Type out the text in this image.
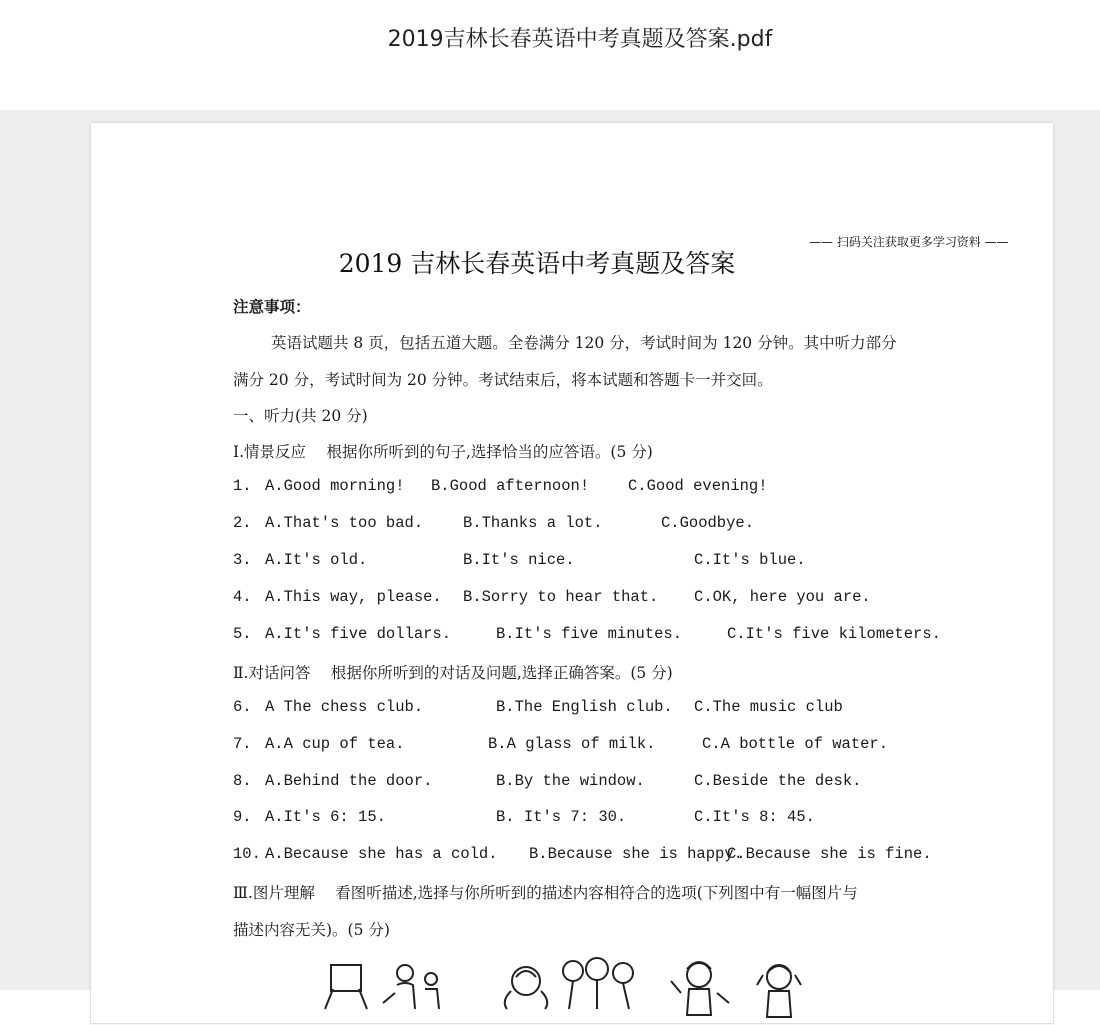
2019吉林长春英语中考真题及答案.pdf
—— 扫码关注获取更多学习资料 ——
2019 吉林长春英语中考真题及答案
注意事项：
英语试题共 8 页，包括五道大题。全卷满分 120 分，考试时间为 120 分钟。其中听力部分
满分 20 分，考试时间为 20 分钟。考试结束后，将本试题和答题卡一并交回。
一、听力(共 20 分)
Ⅰ.情景反应　 根据你所听到的句子,选择恰当的应答语。(5 分)
1. A.Good morning! B.Good afternoon!	C.Good evening!
2. A.That's too bad.	B.Thanks a lot.	C.Goodbye.
3. A.It's old.	B.It's nice.	C.It's blue.
4. A.This way, please. B.Sorry to hear that. C.OK, here you are.
5. A.It's five dollars.	B.It's five minutes.	C.It's five kilometers.
Ⅱ.对话问答　 根据你所听到的对话及问题,选择正确答案。(5 分)
6. A The chess club.	B.The English club. C.The music club
7. A.A cup of tea.	B.A glass of milk.	C.A bottle of water.
8. A.Behind the door.	B.By the window.	C.Beside the desk.
9. A.It's 6: 15.	B. It's 7: 30.	C.It's 8: 45.
10. A.Because she has a cold. B.Because she is happy.
C.Because she is fine.
Ⅲ.图片理解　 看图听描述,选择与你所听到的描述内容相符合的选项(下列图中有一幅图片与
描述内容无关)。(5 分)
